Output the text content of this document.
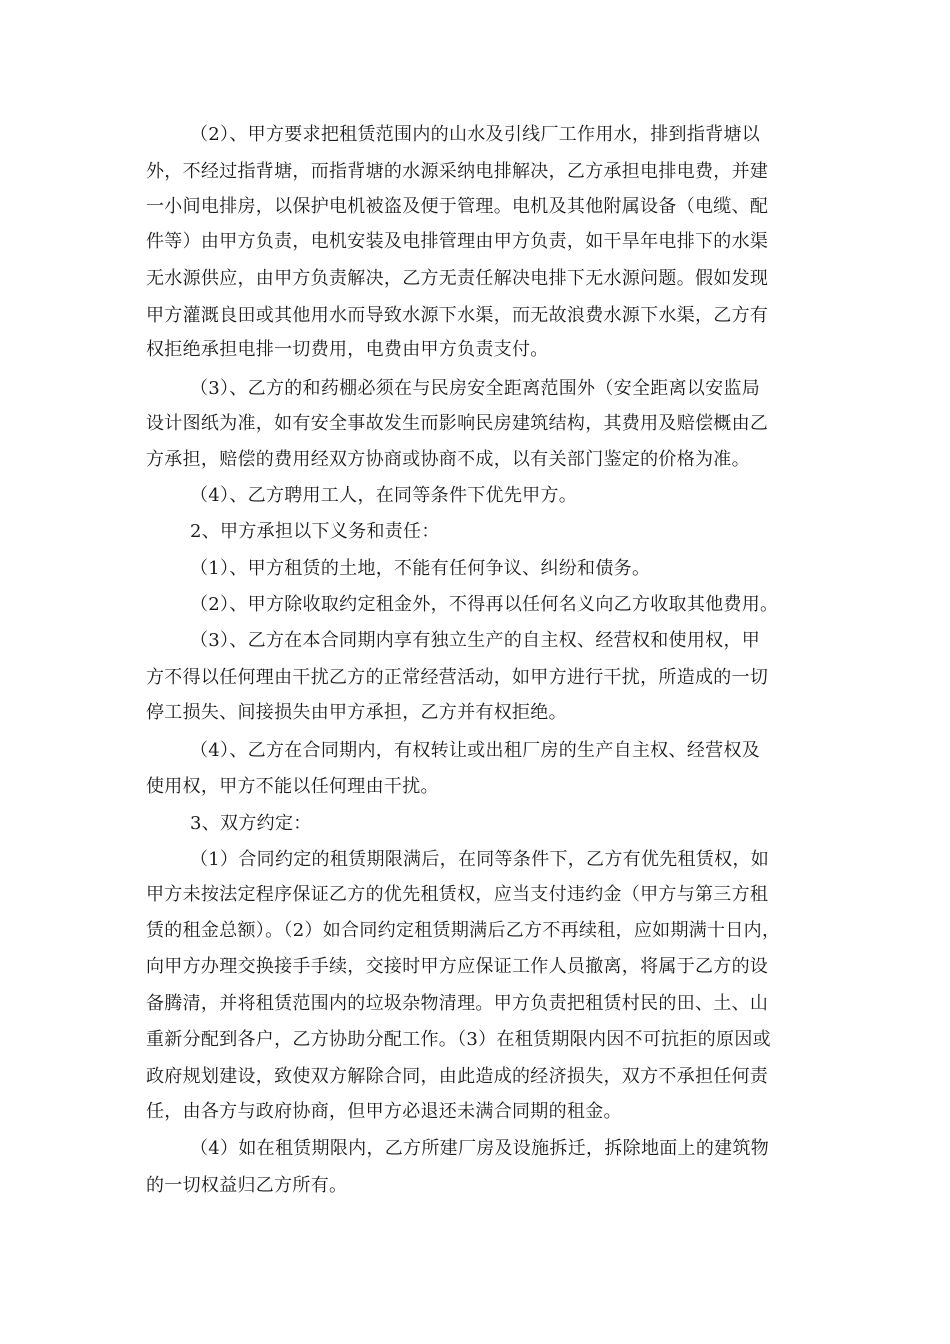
（2）、甲方要求把租赁范围内的山水及引线厂工作用水，排到指背塘以
外，不经过指背塘，而指背塘的水源采纳电排解决，乙方承担电排电费，并建
一小间电排房，以保护电机被盗及便于管理。电机及其他附属设备（电缆、配
件等）由甲方负责，电机安装及电排管理由甲方负责，如干旱年电排下的水渠
无水源供应，由甲方负责解决，乙方无责任解决电排下无水源问题。假如发现
甲方灌溉良田或其他用水而导致水源下水渠，而无故浪费水源下水渠，乙方有
权拒绝承担电排一切费用，电费由甲方负责支付。
（3）、乙方的和药棚必须在与民房安全距离范围外（安全距离以安监局
设计图纸为准，如有安全事故发生而影响民房建筑结构，其费用及赔偿概由乙
方承担，赔偿的费用经双方协商或协商不成，以有关部门鉴定的价格为准。
（4）、乙方聘用工人，在同等条件下优先甲方。
2、甲方承担以下义务和责任：
（1）、甲方租赁的土地，不能有任何争议、纠纷和债务。
（2）、甲方除收取约定租金外，不得再以任何名义向乙方收取其他费用。
（3）、乙方在本合同期内享有独立生产的自主权、经营权和使用权，甲
方不得以任何理由干扰乙方的正常经营活动，如甲方进行干扰，所造成的一切
停工损失、间接损失由甲方承担，乙方并有权拒绝。
（4）、乙方在合同期内，有权转让或出租厂房的生产自主权、经营权及
使用权，甲方不能以任何理由干扰。
3、双方约定：
（1）合同约定的租赁期限满后，在同等条件下，乙方有优先租赁权，如
甲方未按法定程序保证乙方的优先租赁权，应当支付违约金（甲方与第三方租
赁的租金总额）。（2）如合同约定租赁期满后乙方不再续租，应如期满十日内，
向甲方办理交换接手手续，交接时甲方应保证工作人员撤离，将属于乙方的设
备腾清，并将租赁范围内的垃圾杂物清理。甲方负责把租赁村民的田、土、山
重新分配到各户，乙方协助分配工作。（3）在租赁期限内因不可抗拒的原因或
政府规划建设，致使双方解除合同，由此造成的经济损失，双方不承担任何责
任，由各方与政府协商，但甲方必退还未满合同期的租金。
（4）如在租赁期限内，乙方所建厂房及设施拆迁，拆除地面上的建筑物
的一切权益归乙方所有。
